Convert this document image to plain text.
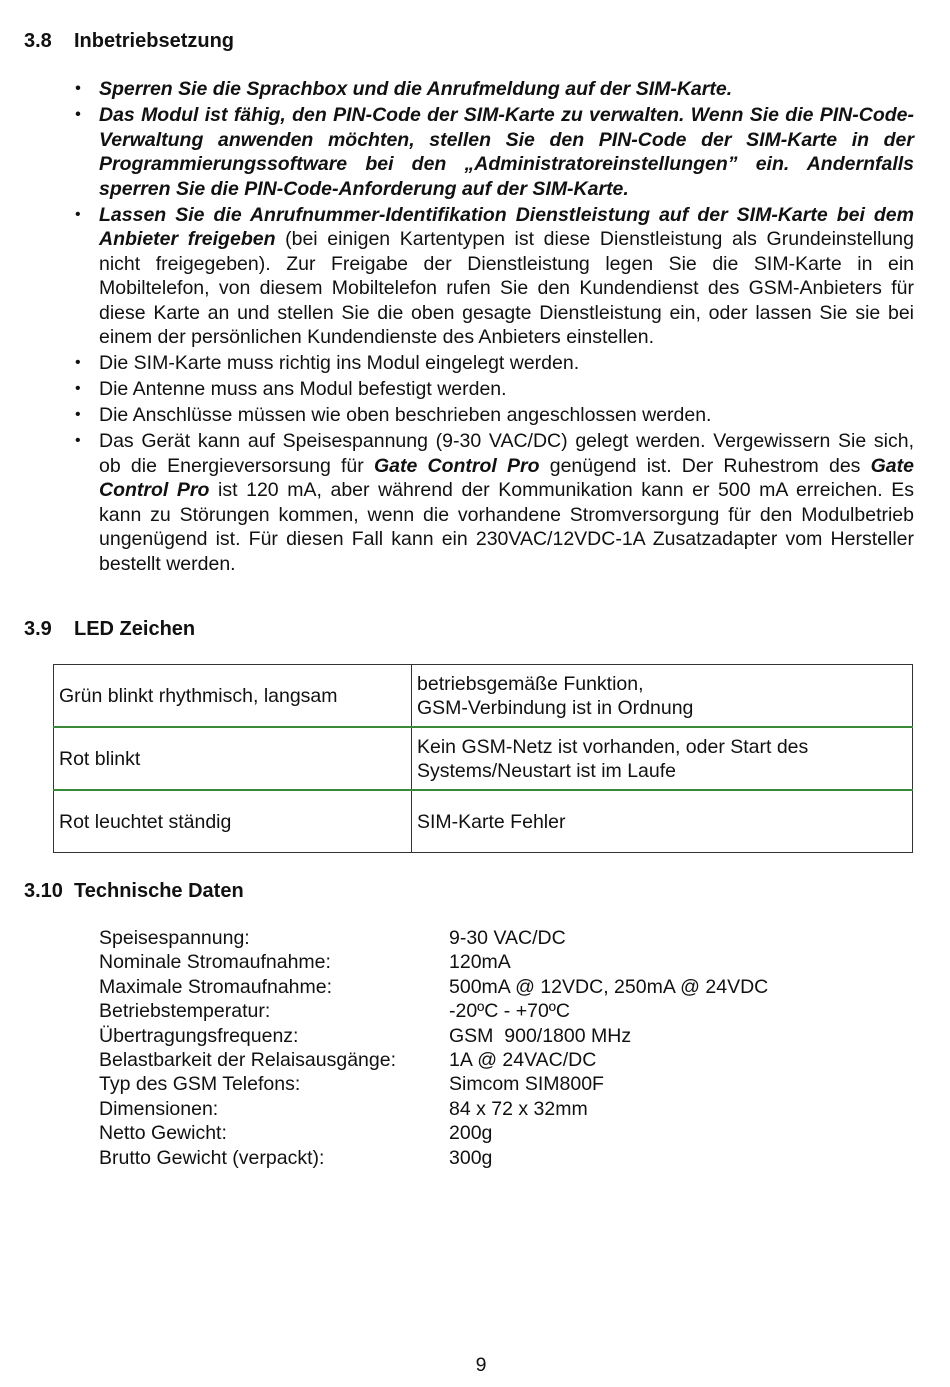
3.8 Inbetriebsetzung
• Sperren Sie die Sprachbox und die Anrufmeldung auf der SIM-Karte.
• Das Modul ist fähig, den PIN-Code der SIM-Karte zu verwalten. Wenn Sie die PIN-Code-Verwaltung anwenden möchten, stellen Sie den PIN-Code der SIM-Karte in der Programmierungssoftware bei den „Administratoreinstellungen” ein. Andernfalls sperren Sie die PIN-Code-Anforderung auf der SIM-Karte.
• Lassen Sie die Anrufnummer-Identifikation Dienstleistung auf der SIM-Karte bei dem Anbieter freigeben (bei einigen Kartentypen ist diese Dienstleistung als Grundeinstellung nicht freigegeben). Zur Freigabe der Dienstleistung legen Sie die SIM-Karte in ein Mobiltelefon, von diesem Mobiltelefon rufen Sie den Kundendienst des GSM-Anbieters für diese Karte an und stellen Sie die oben gesagte Dienstleistung ein, oder lassen Sie sie bei einem der persönlichen Kundendienste des Anbieters einstellen.
• Die SIM-Karte muss richtig ins Modul eingelegt werden.
• Die Antenne muss ans Modul befestigt werden.
• Die Anschlüsse müssen wie oben beschrieben angeschlossen werden.
• Das Gerät kann auf Speisespannung (9-30 VAC/DC) gelegt werden. Vergewissern Sie sich, ob die Energieversorsung für Gate Control Pro genügend ist. Der Ruhestrom des Gate Control Pro ist 120 mA, aber während der Kommunikation kann er 500 mA erreichen. Es kann zu Störungen kommen, wenn die vorhandene Stromversorgung für den Modulbetrieb ungenügend ist. Für diesen Fall kann ein 230VAC/12VDC-1A Zusatzadapter vom Hersteller bestellt werden.
3.9 LED Zeichen
Grün blinkt rhythmisch, langsam	betriebsgemäße Funktion,
GSM-Verbindung ist in Ordnung
Rot blinkt	Kein GSM-Netz ist vorhanden, oder Start des
Systems/Neustart ist im Laufe
Rot leuchtet ständig	SIM-Karte Fehler
3.10 Technische Daten
Speisespannung:	9-30 VAC/DC
Nominale Stromaufnahme:	120mA
Maximale Stromaufnahme:	500mA @ 12VDC, 250mA @ 24VDC
Betriebstemperatur:	-20ºC - +70ºC
Übertragungsfrequenz:	GSM  900/1800 MHz
Belastbarkeit der Relaisausgänge:	1A @ 24VAC/DC
Typ des GSM Telefons:	Simcom SIM800F
Dimensionen:	84 x 72 x 32mm
Netto Gewicht:	200g
Brutto Gewicht (verpackt):	300g
9
